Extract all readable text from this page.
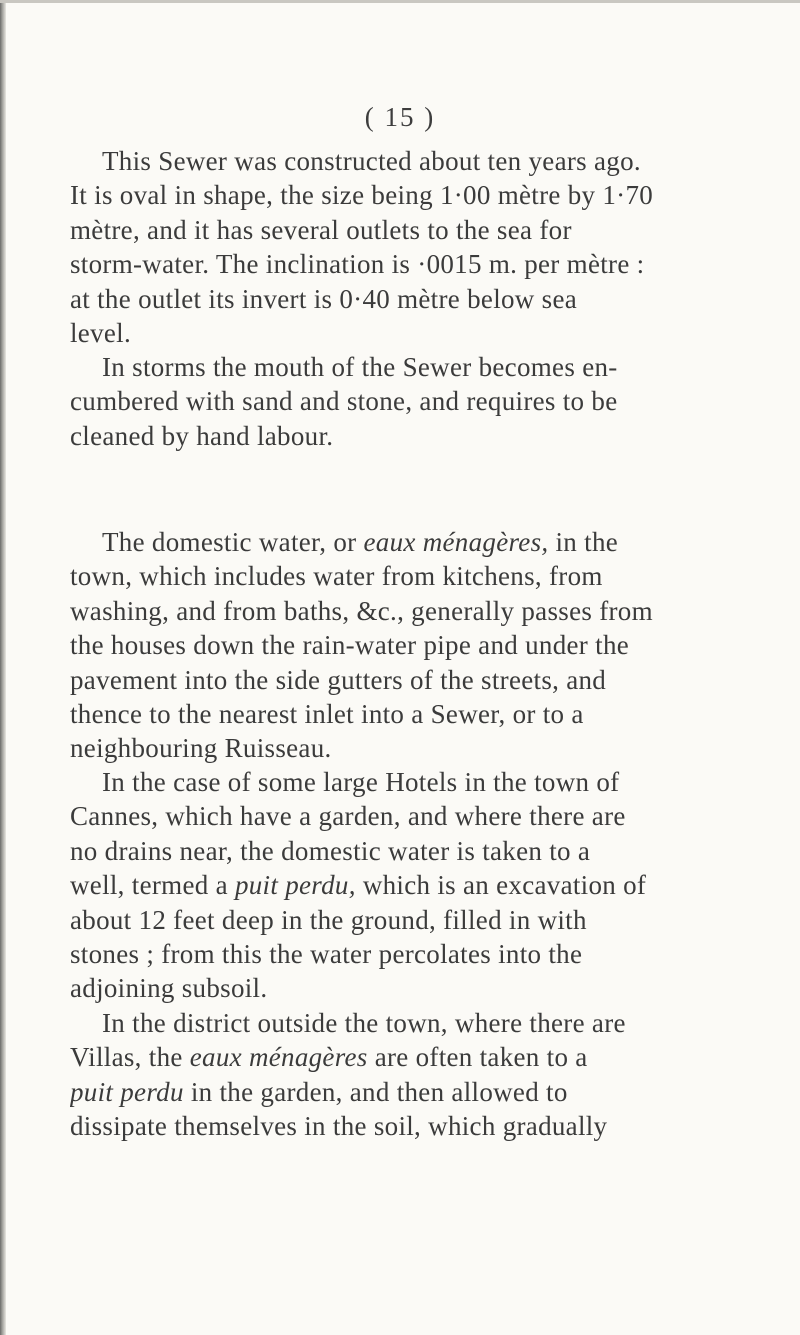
( 15 )
This Sewer was constructed about ten years ago.
It is oval in shape, the size being 1·00 mètre by 1·70
mètre, and it has several outlets to the sea for
storm-water. The inclination is ·0015 m. per mètre :
at the outlet its invert is 0·40 mètre below sea
level.
In storms the mouth of the Sewer becomes en-
cumbered with sand and stone, and requires to be
cleaned by hand labour.
The domestic water, or eaux ménagères, in the
town, which includes water from kitchens, from
washing, and from baths, &c., generally passes from
the houses down the rain-water pipe and under the
pavement into the side gutters of the streets, and
thence to the nearest inlet into a Sewer, or to a
neighbouring Ruisseau.
In the case of some large Hotels in the town of
Cannes, which have a garden, and where there are
no drains near, the domestic water is taken to a
well, termed a puit perdu, which is an excavation of
about 12 feet deep in the ground, filled in with
stones ; from this the water percolates into the
adjoining subsoil.
In the district outside the town, where there are
Villas, the eaux ménagères are often taken to a
puit perdu in the garden, and then allowed to
dissipate themselves in the soil, which gradually
